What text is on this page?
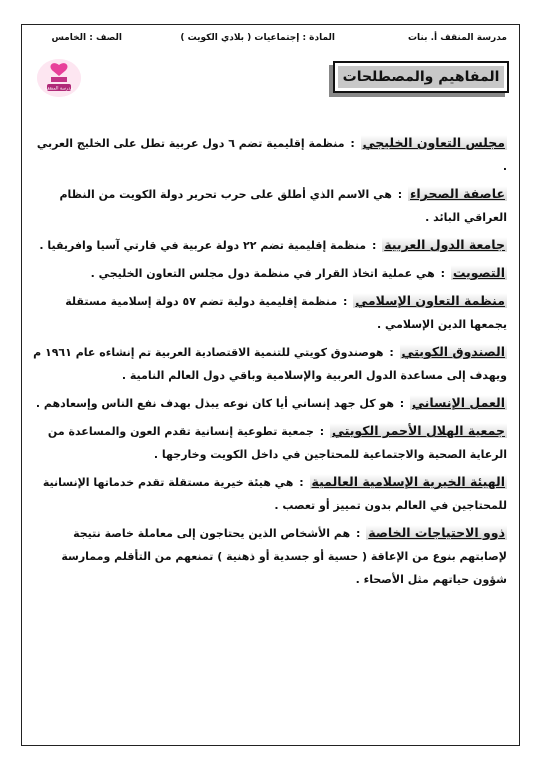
مدرسة المنقف أ. بنات
المادة : إجتماعيات ( بلادي الكويت )
الصف : الخامس
مدرسة المنقف
المفاهيم والمصطلحات
مجلس التعاون الخليجي : منظمة إقليمية تضم ٦ دول عربية تطل على الخليج العربي .
عاصفة الصحراء : هي الاسم الذي أطلق على حرب تحرير دولة الكويت من النظام العراقي البائد .
جامعة الدول العربية : منظمة إقليمية تضم ٢٢ دولة عربية في قارتي آسيا وافريقيا .
التصويت : هي عملية اتخاذ القرار في منظمة دول مجلس التعاون الخليجي .
منظمة التعاون الإسلامي : منظمة إقليمية دولية تضم ٥٧ دولة إسلامية مستقلة يجمعها الدين الإسلامي .
الصندوق الكويتي : هوصندوق كويتي للتنمية الاقتصادية العربية تم إنشاءه عام ١٩٦١ م ويهدف إلى مساعدة الدول العربية والإسلامية وباقي دول العالم النامية .
العمل الإنساني : هو كل جهد إنساني أيا كان نوعه يبذل بهدف نفع الناس وإسعادهم .
جمعية الهلال الأحمر الكويتي : جمعية تطوعية إنسانية تقدم العون والمساعدة من الرعاية الصحية والاجتماعية للمحتاجين في داخل الكويت وخارجها .
الهيئة الخيرية الإسلامية العالمية : هي هيئة خيرية مستقلة تقدم خدماتها الإنسانية للمحتاجين في العالم بدون تمييز أو تعصب .
ذوو الاحتياجات الخاصة : هم الأشخاص الذين يحتاجون إلى معاملة خاصة نتيجة لإصابتهم بنوع من الإعاقة ( حسية أو جسدية أو ذهنية ) تمنعهم من التأقلم وممارسة شؤون حياتهم مثل الأصحاء .
